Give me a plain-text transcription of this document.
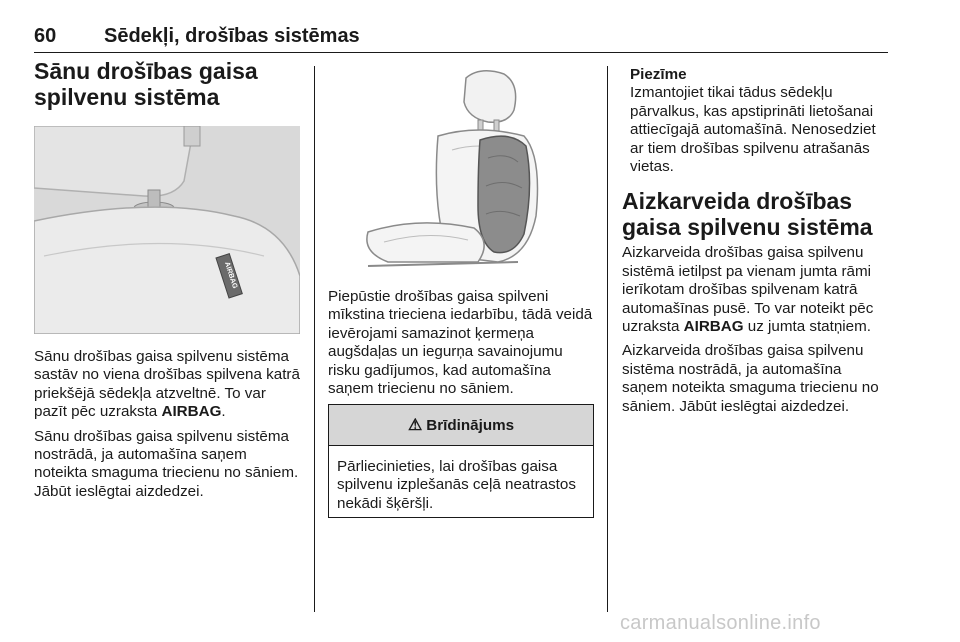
60 Sēdekļi, drošības sistēmas
Sānu drošības gaisa spilvenu sistēma
AIRBAG

Sānu drošības gaisa spilvenu sistēma sastāv no viena drošības spilvena katrā priekšējā sēdekļa atzveltnē. To var pazīt pēc uzraksta AIRBAG.

Sānu drošības gaisa spilvenu sistēma nostrādā, ja automašīna saņem noteikta smaguma triecienu no sāniem. Jābūt ieslēgtai aizdedzei.

Piepūstie drošības gaisa spilveni mīkstina trieciena iedarbību, tādā veidā ievērojami samazinot ķermeņa augšdaļas un iegurņa savainojumu risku gadījumos, kad automašīna saņem triecienu no sāniem.

⚠ Brīdinājums
Pārliecinieties, lai drošības gaisa spilvenu izplešanās ceļā neatrastos nekādi šķēršļi.
Piezīme
Izmantojiet tikai tādus sēdekļu pārvalkus, kas apstiprināti lietošanai attiecīgajā automašīnā. Nenosedziet ar tiem drošības spilvenu atrašanās vietas.
Aizkarveida drošības gaisa spilvenu sistēma

Aizkarveida drošības gaisa spilvenu sistēmā ietilpst pa vienam jumta rāmi ierīkotam drošības spilvenam katrā automašīnas pusē. To var noteikt pēc uzraksta AIRBAG uz jumta statņiem.

Aizkarveida drošības gaisa spilvenu sistēma nostrādā, ja automašīna saņem noteikta smaguma triecienu no sāniem. Jābūt ieslēgtai aizdedzei.

carmanualsonline.info
